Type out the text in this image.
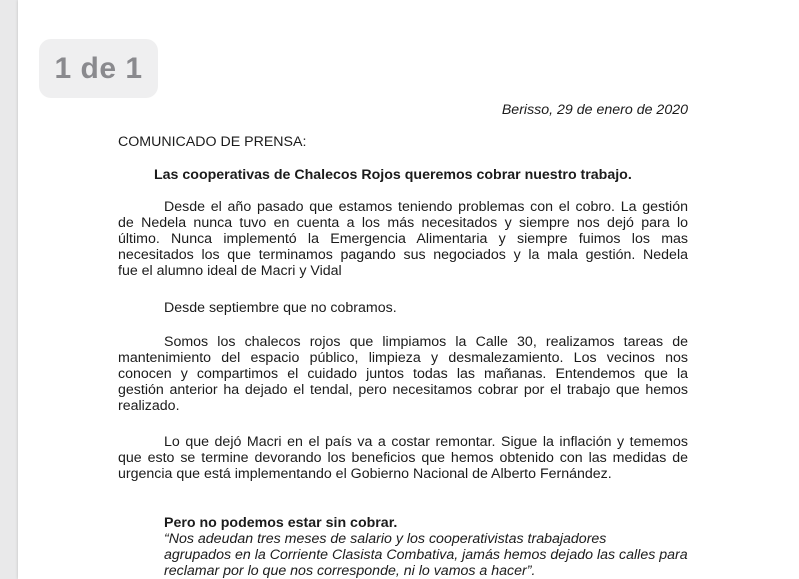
1 de 1
Berisso, 29 de enero de 2020
COMUNICADO DE PRENSA:
Las cooperativas de Chalecos Rojos queremos cobrar nuestro trabajo.
Desde el año pasado que estamos teniendo problemas con el cobro. La gestión
de Nedela nunca tuvo en cuenta a los más necesitados y siempre nos dejó para lo
último. Nunca implementó la Emergencia Alimentaria y siempre fuimos los mas
necesitados los que terminamos pagando sus negociados y la mala gestión. Nedela
fue el alumno ideal de Macri y Vidal
Desde septiembre que no cobramos.
Somos los chalecos rojos que limpiamos la Calle 30, realizamos tareas de
mantenimiento del espacio público, limpieza y desmalezamiento. Los vecinos nos
conocen y compartimos el cuidado juntos todas las mañanas. Entendemos que la
gestión anterior ha dejado el tendal, pero necesitamos cobrar por el trabajo que hemos
realizado.
Lo que dejó Macri en el país va a costar remontar. Sigue la inflación y tememos
que esto se termine devorando los beneficios que hemos obtenido con las medidas de
urgencia que está implementando el Gobierno Nacional de Alberto Fernández.
Pero no podemos estar sin cobrar.
“Nos adeudan tres meses de salario y los cooperativistas trabajadores
agrupados en la Corriente Clasista Combativa, jamás hemos dejado las calles para
reclamar por lo que nos corresponde, ni lo vamos a hacer”.
